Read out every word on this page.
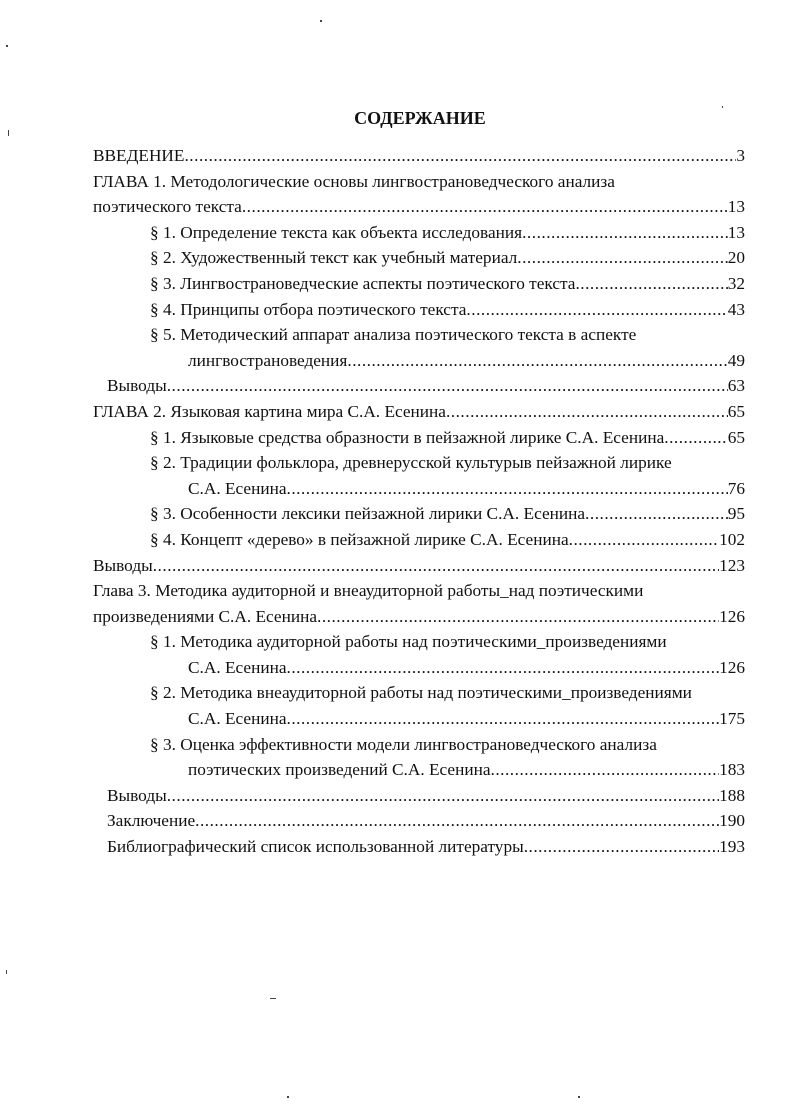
СОДЕРЖАНИЕ
ВВЕДЕНИЕ .....	3
ГЛАВА 1. Методологические основы лингвострановедческого анализа
поэтического текста .....	13
§ 1. Определение текста как объекта исследования .....	13
§ 2. Художественный текст как учебный материал .....	20
§ 3. Лингвострановедческие аспекты поэтического текста .....	32
§ 4. Принципы отбора поэтического текста .....	43
§ 5. Методический аппарат анализа поэтического текста в аспекте
лингвострановедения .....	49
Выводы .....	63
ГЛАВА 2. Языковая картина мира С.А. Есенина .....	65
§ 1. Языковые средства образности в пейзажной лирике С.А. Есенина .....	65
§ 2. Традиции фольклора, древнерусской культурыв пейзажной лирике
С.А. Есенина .....	76
§ 3. Особенности лексики пейзажной лирики С.А. Есенина .....	95
§ 4. Концепт «дерево» в пейзажной лирике С.А. Есенина .....	102
Выводы .....	123
Глава 3. Методика аудиторной и внеаудиторной работы_над поэтическими
произведениями С.А. Есенина .....	126
§ 1. Методика аудиторной работы над поэтическими_произведениями
С.А. Есенина .....	126
§ 2. Методика внеаудиторной работы над поэтическими_произведениями
С.А. Есенина .....	175
§ 3. Оценка эффективности модели лингвострановедческого анализа
поэтических произведений С.А. Есенина .....	183
Выводы .....	188
Заключение .....	190
Библиографический список использованной литературы .....	193
